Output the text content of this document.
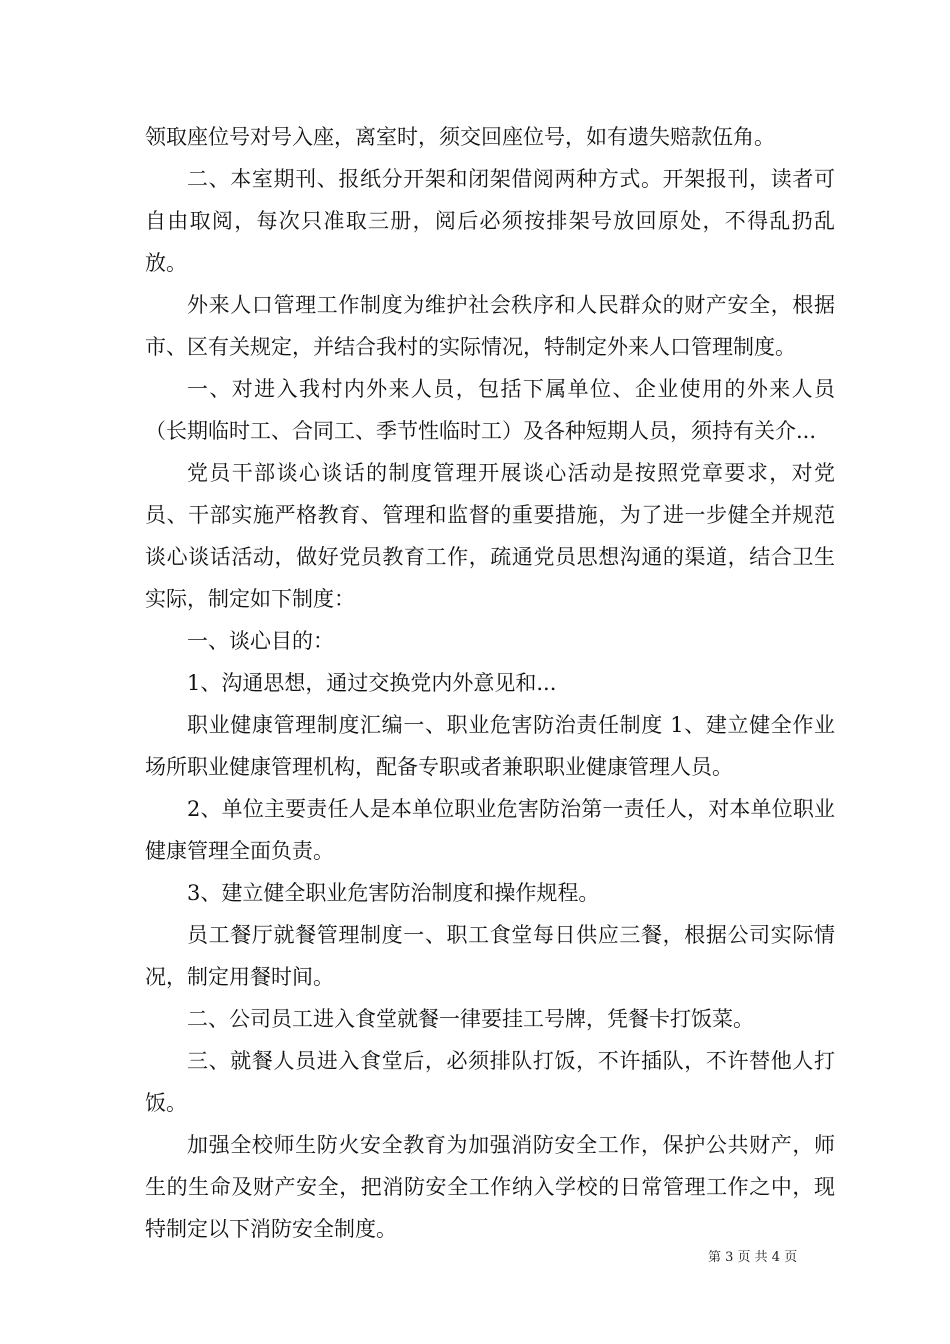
领取座位号对号入座，离室时，须交回座位号，如有遗失赔款伍角。

二、本室期刊、报纸分开架和闭架借阅两种方式。开架报刊，读者可自由取阅，每次只准取三册，阅后必须按排架号放回原处，不得乱扔乱放。

外来人口管理工作制度为维护社会秩序和人民群众的财产安全，根据市、区有关规定，并结合我村的实际情况，特制定外来人口管理制度。

一、对进入我村内外来人员，包括下属单位、企业使用的外来人员（长期临时工、合同工、季节性临时工）及各种短期人员，须持有关介...

党员干部谈心谈话的制度管理开展谈心活动是按照党章要求，对党员、干部实施严格教育、管理和监督的重要措施，为了进一步健全并规范谈心谈话活动，做好党员教育工作，疏通党员思想沟通的渠道，结合卫生实际，制定如下制度：

一、谈心目的：

1、沟通思想，通过交换党内外意见和...

职业健康管理制度汇编一、职业危害防治责任制度 1、建立健全作业场所职业健康管理机构，配备专职或者兼职职业健康管理人员。

2、单位主要责任人是本单位职业危害防治第一责任人，对本单位职业健康管理全面负责。

3、建立健全职业危害防治制度和操作规程。

员工餐厅就餐管理制度一、职工食堂每日供应三餐，根据公司实际情况，制定用餐时间。

二、公司员工进入食堂就餐一律要挂工号牌，凭餐卡打饭菜。

三、就餐人员进入食堂后，必须排队打饭，不许插队，不许替他人打饭。

加强全校师生防火安全教育为加强消防安全工作，保护公共财产，师生的生命及财产安全，把消防安全工作纳入学校的日常管理工作之中，现特制定以下消防安全制度。

第 3 页 共 4 页
